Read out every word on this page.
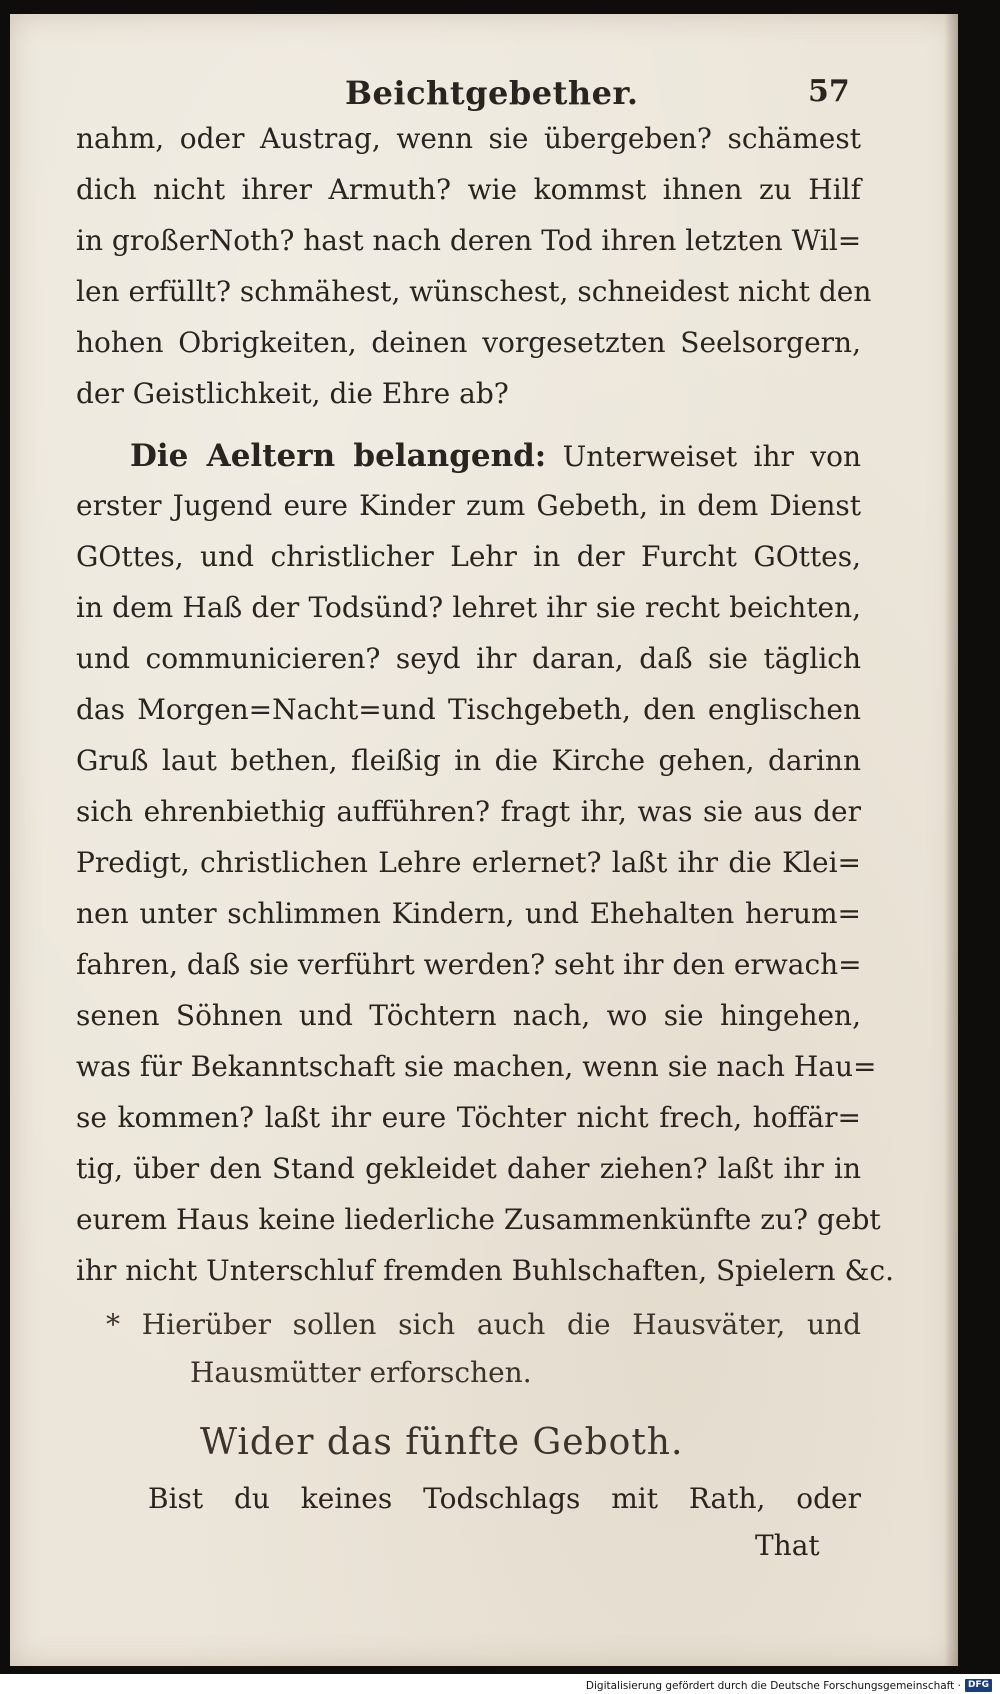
Beichtgebether.	57
nahm, oder Austrag, wenn sie übergeben? schämest
dich nicht ihrer Armuth? wie kommst ihnen zu Hilf
in großerNoth? hast nach deren Tod ihren letzten Wil=
len erfüllt? schmähest, wünschest, schneidest nicht den
hohen Obrigkeiten, deinen vorgesetzten Seelsorgern,
der Geistlichkeit, die Ehre ab?
Die Aeltern belangend: Unterweiset ihr von
erster Jugend eure Kinder zum Gebeth, in dem Dienst
GOttes, und christlicher Lehr in der Furcht GOttes,
in dem Haß der Todsünd? lehret ihr sie recht beichten,
und communicieren? seyd ihr daran, daß sie täglich
das Morgen=Nacht=und Tischgebeth, den englischen
Gruß laut bethen, fleißig in die Kirche gehen, darinn
sich ehrenbiethig aufführen? fragt ihr, was sie aus der
Predigt, christlichen Lehre erlernet? laßt ihr die Klei=
nen unter schlimmen Kindern, und Ehehalten herum=
fahren, daß sie verführt werden? seht ihr den erwach=
senen Söhnen und Töchtern nach, wo sie hingehen,
was für Bekanntschaft sie machen, wenn sie nach Hau=
se kommen? laßt ihr eure Töchter nicht frech, hoffär=
tig, über den Stand gekleidet daher ziehen? laßt ihr in
eurem Haus keine liederliche Zusammenkünfte zu? gebt
ihr nicht Unterschluf fremden Buhlschaften, Spielern &c.
* Hierüber sollen sich auch die Hausväter, und
Hausmütter erforschen.
Wider das fünfte Geboth.
Bist du keines Todschlags mit Rath, oder
That
Digitalisierung gefördert durch die Deutsche Forschungsgemeinschaft · DFG
